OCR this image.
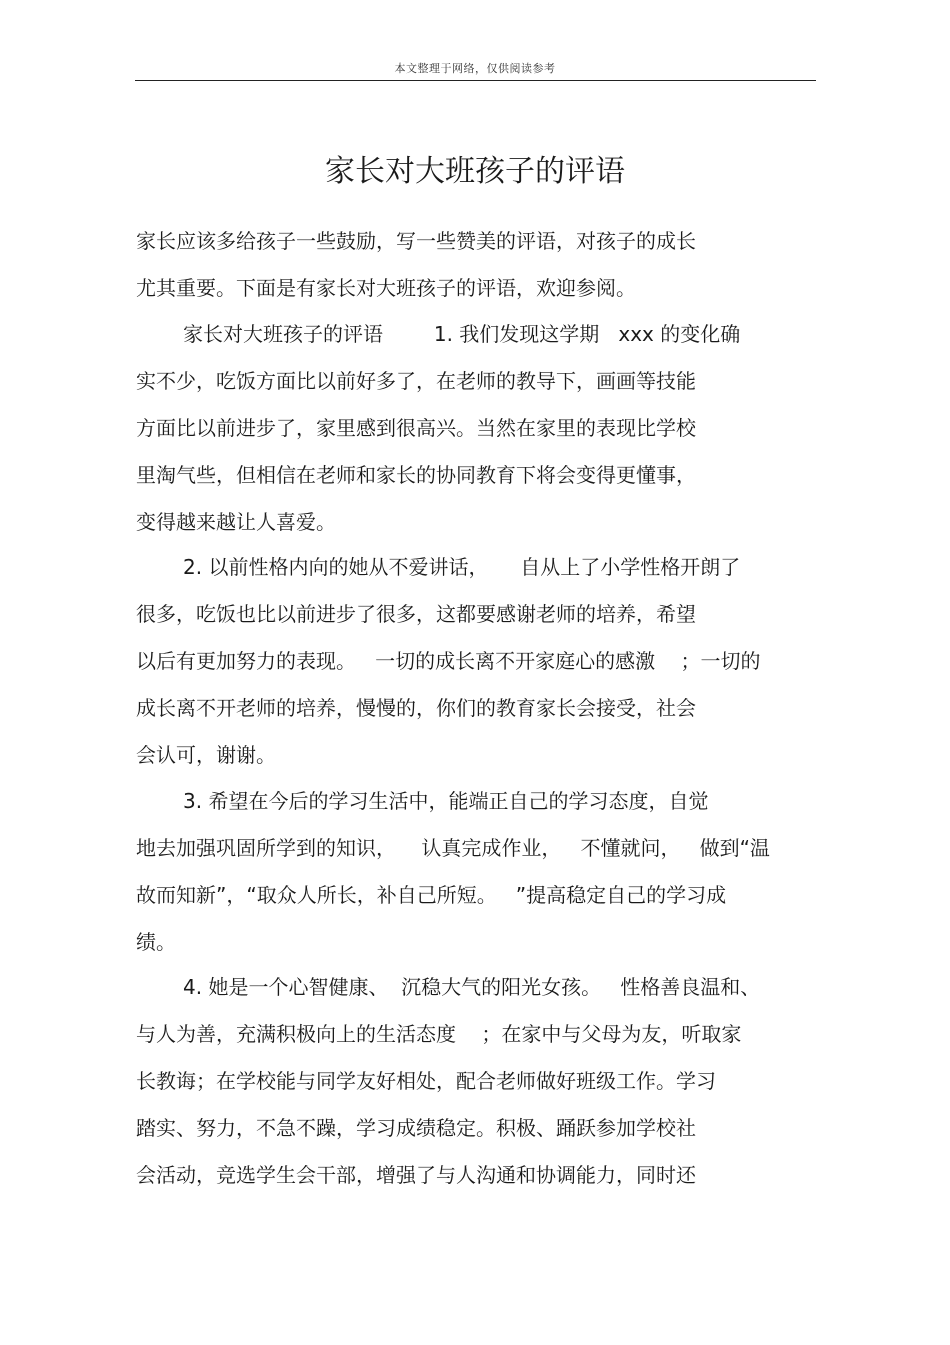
本文整理于网络，仅供阅读参考
家长对大班孩子的评语
家长应该多给孩子一些鼓励，写一些赞美的评语，对孩子的成长
尤其重要。下面是有家长对大班孩子的评语，欢迎参阅。
家长对大班孩子的评语        1. 我们发现这学期   xxx 的变化确
实不少，吃饭方面比以前好多了，在老师的教导下，画画等技能
方面比以前进步了，家里感到很高兴。当然在家里的表现比学校
里淘气些，但相信在老师和家长的协同教育下将会变得更懂事，
变得越来越让人喜爱。
2. 以前性格内向的她从不爱讲话，     自从上了小学性格开朗了
很多，吃饭也比以前进步了很多，这都要感谢老师的培养，希望
以后有更加努力的表现。   一切的成长离不开家庭心的感激    ；一切的
成长离不开老师的培养，慢慢的，你们的教育家长会接受，社会
会认可，谢谢。
3. 希望在今后的学习生活中，能端正自己的学习态度，自觉
地去加强巩固所学到的知识，    认真完成作业，   不懂就问，   做到“温
故而知新”，“取众人所长，补自己所短。   ”提高稳定自己的学习成
绩。
4. 她是一个心智健康、  沉稳大气的阳光女孩。   性格善良温和、
与人为善，充满积极向上的生活态度    ；在家中与父母为友，听取家
长教诲；在学校能与同学友好相处，配合老师做好班级工作。学习
踏实、努力，不急不躁，学习成绩稳定。积极、踊跃参加学校社
会活动，竞选学生会干部，增强了与人沟通和协调能力，同时还
